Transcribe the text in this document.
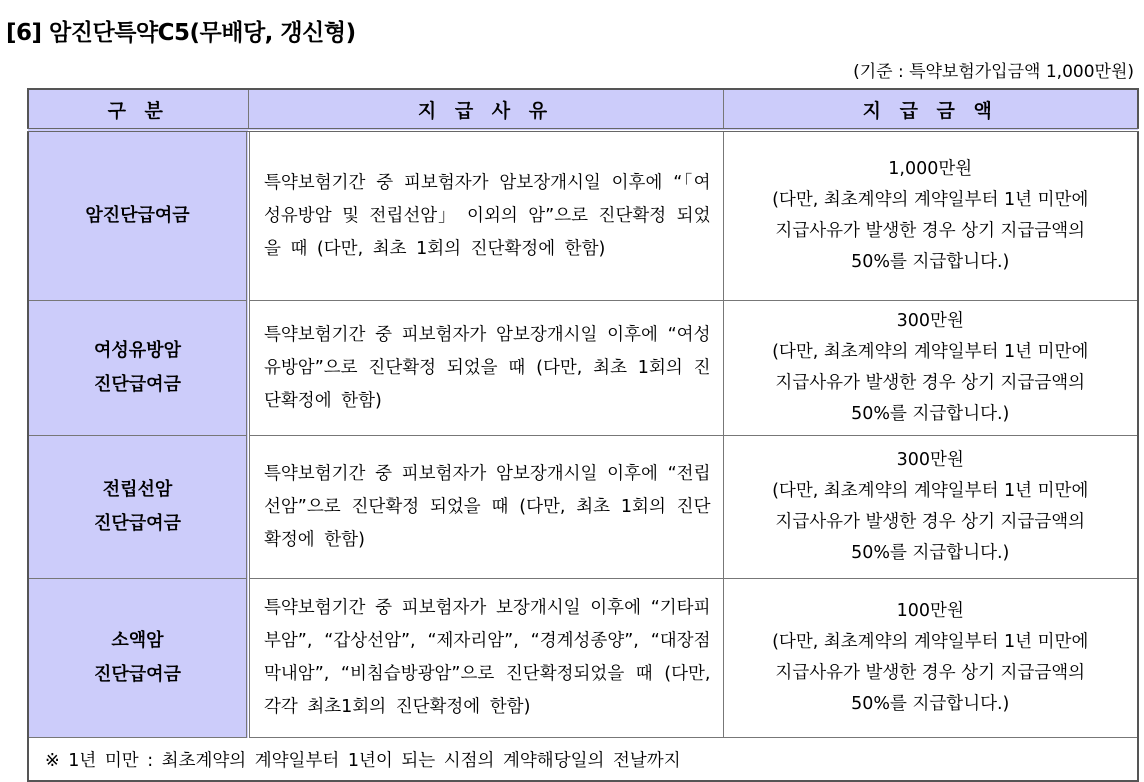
[6] 암진단특약C5(무배당, 갱신형)
(기준 : 특약보험가입금액 1,000만원)
구 분	지 급 사 유	지 급 금 액

암진단급여금	특약보험기간 중 피보험자가 암보장개시일 이후에 “「여성유방암 및 전립선암」 이외의 암”으로 진단확정 되었을 때 (다만, 최초 1회의 진단확정에 한함)	1,000만원
(다만, 최초계약의 계약일부터 1년 미만에
지급사유가 발생한 경우 상기 지급금액의
50%를 지급합니다.)

여성유방암
진단급여금	특약보험기간 중 피보험자가 암보장개시일 이후에 “여성유방암”으로 진단확정 되었을 때 (다만, 최초 1회의 진단확정에 한함)	300만원
(다만, 최초계약의 계약일부터 1년 미만에
지급사유가 발생한 경우 상기 지급금액의
50%를 지급합니다.)

전립선암
진단급여금	특약보험기간 중 피보험자가 암보장개시일 이후에 “전립선암”으로 진단확정 되었을 때 (다만, 최초 1회의 진단확정에 한함)	300만원
(다만, 최초계약의 계약일부터 1년 미만에
지급사유가 발생한 경우 상기 지급금액의
50%를 지급합니다.)

소액암
진단급여금	특약보험기간 중 피보험자가 보장개시일 이후에 “기타피부암”, “갑상선암”, “제자리암”, “경계성종양”, “대장점막내암”, “비침습방광암”으로 진단확정되었을 때 (다만, 각각 최초1회의 진단확정에 한함)	100만원
(다만, 최초계약의 계약일부터 1년 미만에
지급사유가 발생한 경우 상기 지급금액의
50%를 지급합니다.)

※ 1년 미만 : 최초계약의 계약일부터 1년이 되는 시점의 계약해당일의 전날까지		
